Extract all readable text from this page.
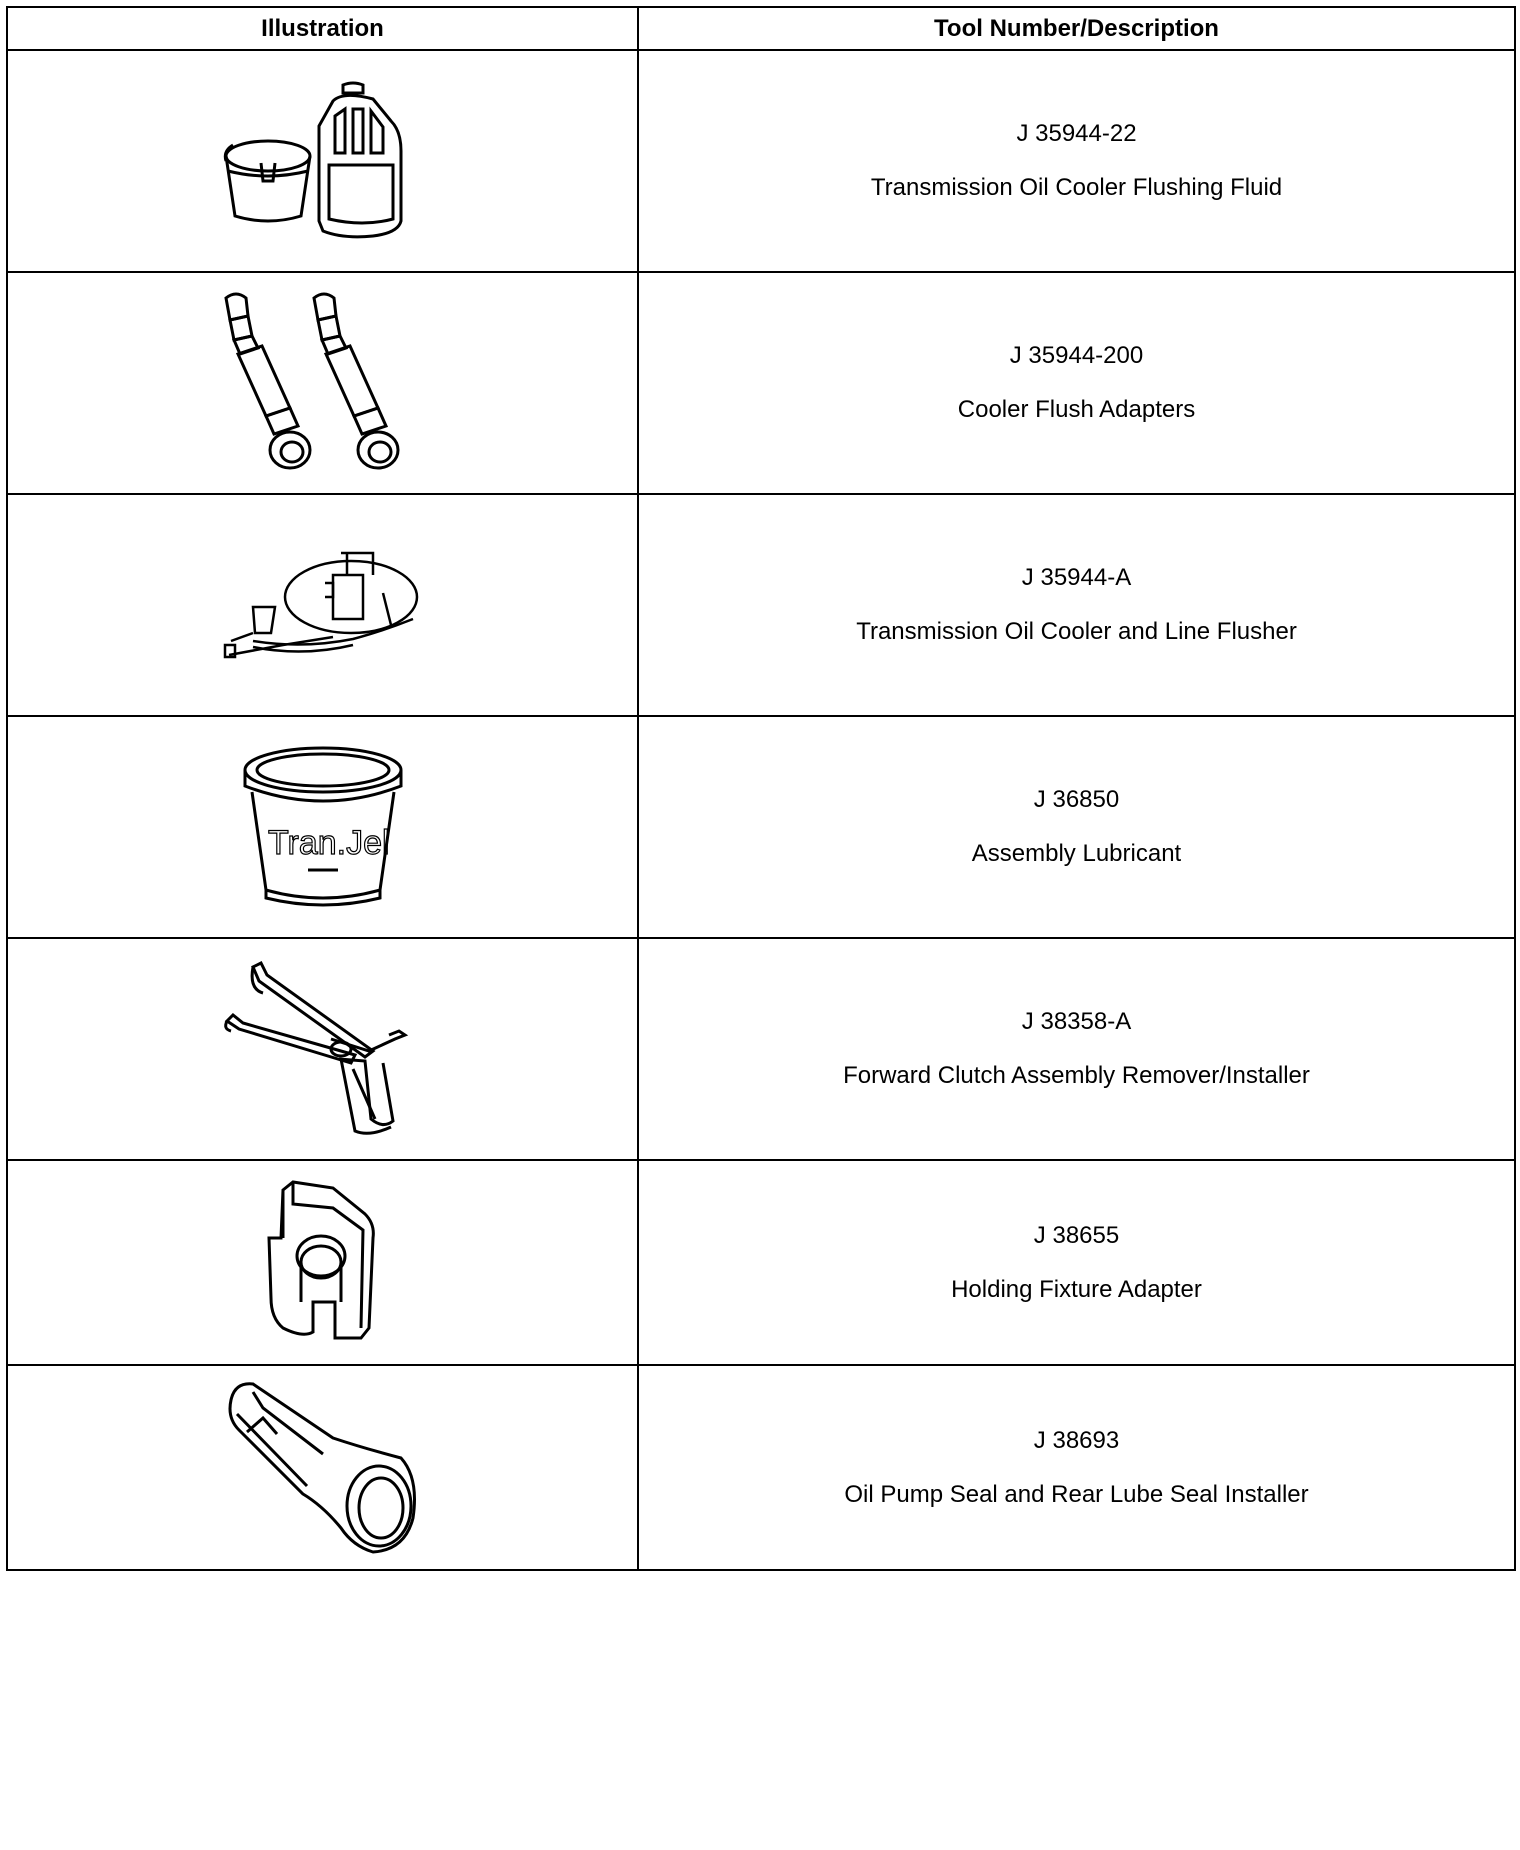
Illustration	Tool Number/Description

J 35944-22
Transmission Oil Cooler Flushing Fluid

J 35944-200
Cooler Flush Adapters

J 35944-A
Transmission Oil Cooler and Line Flusher

Tran.Jel	J 36850
Assembly Lubricant

J 38358-A
Forward Clutch Assembly Remover/Installer

J 38655
Holding Fixture Adapter

J 38693
Oil Pump Seal and Rear Lube Seal Installer
